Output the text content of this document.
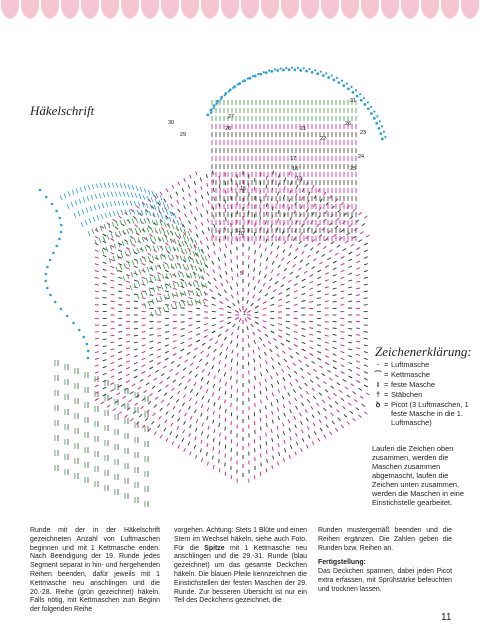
1
5
10
15
17
18
19
21
22
23
24
25
26
27
28
29
30
31
Häkelschrift
Zeichenerklärung:
∙ = Luftmasche
⌒ = Kettmasche
I = feste Masche
† = Stäbchen
ꝺ = Picot (3 Luftmaschen, 1 feste Masche in die 1. Luftmasche)
Laufen die Zeichen oben zusammen, werden die Maschen zusammen abgemascht, laufen die Zeichen unten zusammen, werden die Maschen in eine Einstichstelle gearbeitet.
Runde mit der in der Häkelschrift gezeichneten Anzahl von Luftmaschen beginnen und mit 1 Kettmasche enden. Nach Beendigung der 19. Runde jedes Segment separat in hin- und hergehenden Reihen beenden, dafür jeweils mit 1 Kettmasche neu anschlingen und die 20.-28. Reihe (grün gezeichnet) häkeln. Falls nötig, mit Kettmaschen zum Beginn der folgenden Reihe
vorgehen. Achtung: Stets 1 Blüte und einen Stern im Wechsel häkeln, siehe auch Foto. Für die Spitze mit 1 Kettmasche neu anschlingen und die 29.-31. Runde (blau gezeichnet) um das gesamte Deckchen häkeln. Die blauen Pfeile kennzeichnen die Einstichstellen der festen Maschen der 29. Runde. Zur besseren Übersicht ist nur ein Teil des Deckchens gezeichnet, die
Runden mustergemäß beenden und die Reihen ergänzen. Die Zahlen geben die Runden bzw. Reihen an.
Fertigstellung:
Das Deckchen spannen, dabei jeden Picot extra erfassen, mit Sprühstärke befeuchten und trocknen lassen.
11
